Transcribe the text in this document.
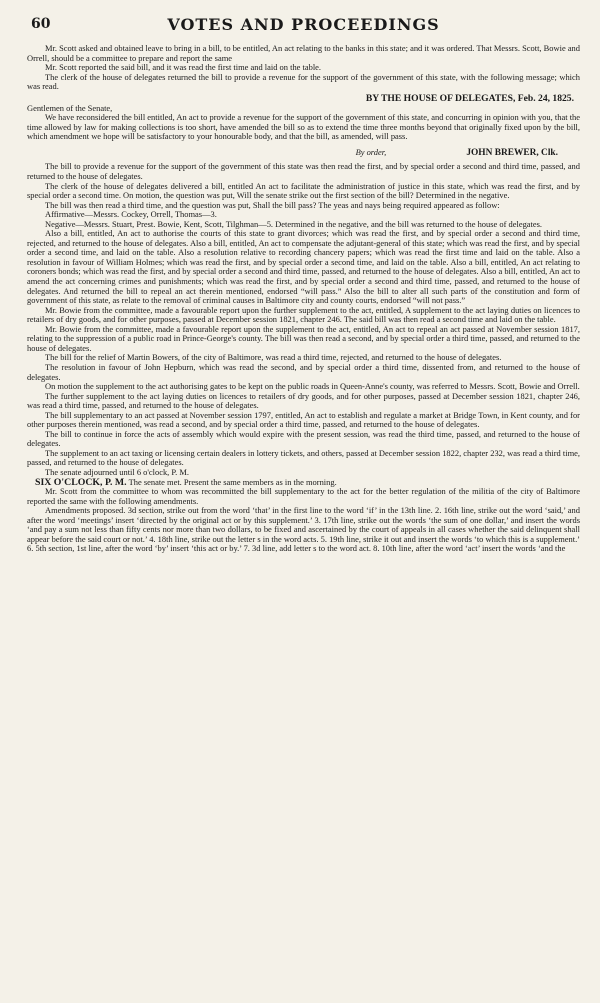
60	VOTES AND PROCEEDINGS

Mr. Scott asked and obtained leave to bring in a bill, to be entitled, An act relating to the banks in this state; and it was ordered. That Messrs. Scott, Bowie and Orrell, should be a committee to prepare and report the same

Mr. Scott reported the said bill, and it was read the first time and laid on the table.

The clerk of the house of delegates returned the bill to provide a revenue for the support of the government of this state, with the following message; which was read.

BY THE HOUSE OF DELEGATES, Feb. 24, 1825.

Gentlemen of the Senate,

We have reconsidered the bill entitled, An act to provide a revenue for the support of the government of this state, and concurring in opinion with you, that the time allowed by law for making collections is too short, have amended the bill so as to extend the time three months beyond that originally fixed upon by the bill, which amendment we hope will be satisfactory to your honourable body, and that the bill, as amended, will pass.

By order,	JOHN BREWER, Clk.

The bill to provide a revenue for the support of the government of this state was then read the first, and by special order a second and third time, passed, and returned to the house of delegates.

The clerk of the house of delegates delivered a bill, entitled An act to facilitate the administration of justice in this state, which was read the first, and by special order a second time. On motion, the question was put, Will the senate strike out the first section of the bill? Determined in the negative.

The bill was then read a third time, and the question was put, Shall the bill pass? The yeas and nays being required appeared as follow:

Affirmative—Messrs. Cockey, Orrell, Thomas—3.

Negative—Messrs. Stuart, Prest. Bowie, Kent, Scott, Tilghman—5. Determined in the negative, and the bill was returned to the house of delegates.

Also a bill, entitled, An act to authorise the courts of this state to grant divorces; which was read the first, and by special order a second and third time, rejected, and returned to the house of delegates. Also a bill, entitled, An act to compensate the adjutant-general of this state; which was read the first, and by special order a second time, and laid on the table. Also a resolution relative to recording chancery papers; which was read the first time and laid on the table. Also a resolution in favour of William Holmes; which was read the first, and by special order a second time, and laid on the table. Also a bill, entitled, An act relating to coroners bonds; which was read the first, and by special order a second and third time, passed, and returned to the house of delegates. Also a bill, entitled, An act to amend the act concerning crimes and punishments; which was read the first, and by special order a second and third time, passed, and returned to the house of delegates. And returned the bill to repeal an act therein mentioned, endorsed “will pass.” Also the bill to alter all such parts of the constitution and form of government of this state, as relate to the removal of criminal causes in Baltimore city and county courts, endorsed “will not pass.”

Mr. Bowie from the committee, made a favourable report upon the further supplement to the act, entitled, A supplement to the act laying duties on licences to retailers of dry goods, and for other purposes, passed at December session 1821, chapter 246. The said bill was then read a second time and laid on the table.

Mr. Bowie from the committee, made a favourable report upon the supplement to the act, entitled, An act to repeal an act passed at November session 1817, relating to the suppression of a public road in Prince-George's county. The bill was then read a second, and by special order a third time, passed, and returned to the house of delegates.

The bill for the relief of Martin Bowers, of the city of Baltimore, was read a third time, rejected, and returned to the house of delegates.

The resolution in favour of John Hepburn, which was read the second, and by special order a third time, dissented from, and returned to the house of delegates.

On motion the supplement to the act authorising gates to be kept on the public roads in Queen-Anne's county, was referred to Messrs. Scott, Bowie and Orrell.

The further supplement to the act laying duties on licences to retailers of dry goods, and for other purposes, passed at December session 1821, chapter 246, was read a third time, passed, and returned to the house of delegates.

The bill supplementary to an act passed at November session 1797, entitled, An act to establish and regulate a market at Bridge Town, in Kent county, and for other purposes therein mentioned, was read a second, and by special order a third time, passed, and returned to the house of delegates.

The bill to continue in force the acts of assembly which would expire with the present session, was read the third time, passed, and returned to the house of delegates.

The supplement to an act taxing or licensing certain dealers in lottery tickets, and others, passed at December session 1822, chapter 232, was read a third time, passed, and returned to the house of delegates.

The senate adjourned until 6 o'clock, P. M.

SIX O'CLOCK, P. M. The senate met. Present the same members as in the morning.

Mr. Scott from the committee to whom was recommitted the bill supplementary to the act for the better regulation of the militia of the city of Baltimore reported the same with the following amendments.

Amendments proposed. 3d section, strike out from the word ‘that’ in the first line to the word ‘if’ in the 13th line. 2. 16th line, strike out the word ‘said,’ and after the word ‘meetings’ insert ‘directed by the original act or by this supplement.’ 3. 17th line, strike out the words ‘the sum of one dollar,’ and insert the words ‘and pay a sum not less than fifty cents nor more than two dollars, to be fixed and ascertained by the court of appeals in all cases whether the said delinquent shall appear before the said court or not.’ 4. 18th line, strike out the letter s in the word acts. 5. 19th line, strike it out and insert the words ‘to which this is a supplement.’ 6. 5th section, 1st line, after the word ‘by’ insert ‘this act or by.’ 7. 3d line, add letter s to the word act. 8. 10th line, after the word ‘act’ insert the words ‘and the
